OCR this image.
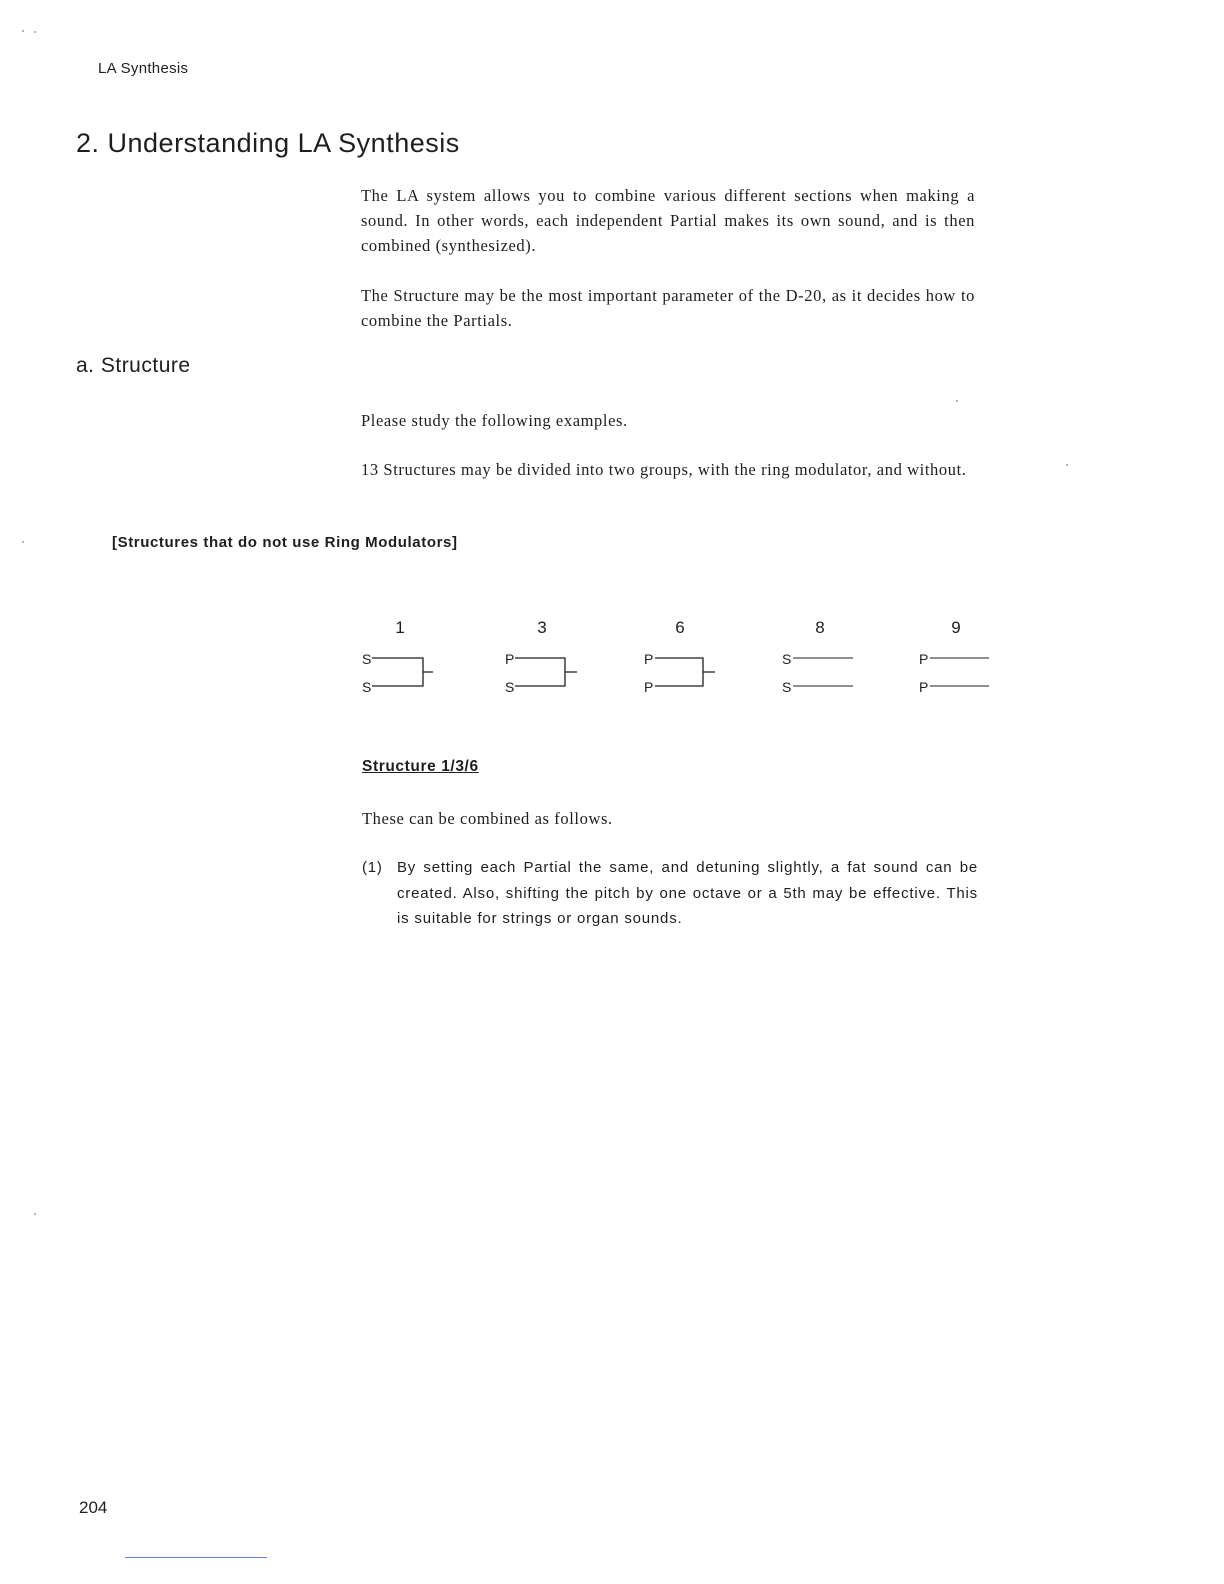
LA Synthesis
2. Understanding LA Synthesis

The LA system allows you to combine various different sections when making a sound. In other words, each independent Partial makes its own sound, and is then combined (synthesized).

The Structure may be the most important parameter of the D-20, as it decides how to combine the Partials.

a. Structure

Please study the following examples.

13 Structures may be divided into two groups, with the ring modulator, and without.

[Structures that do not use Ring Modulators]
1
S
S
3
P
S
6
P
P
8
S
S
9
P
P
Structure 1/3/6

These can be combined as follows.

(1) By setting each Partial the same, and detuning slightly, a fat sound can be created. Also, shifting the pitch by one octave or a 5th may be effective. This is suitable for strings or organ sounds.
204
